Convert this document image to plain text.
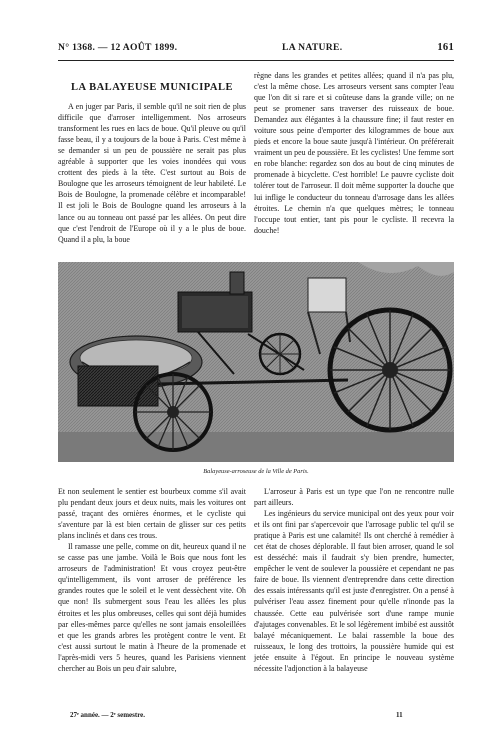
N° 1368. — 12 AOÛT 1899.	LA NATURE.	161
LA BALAYEUSE MUNICIPALE

A en juger par Paris, il semble qu'il ne soit rien de plus difficile que d'arroser intelligemment. Nos arroseurs transforment les rues en lacs de boue. Qu'il pleuve ou qu'il fasse beau, il y a toujours de la boue à Paris. C'est même à se demander si un peu de poussière ne serait pas plus agréable à supporter que les voies inondées qui vous crottent des pieds à la tête. C'est surtout au Bois de Boulogne que les arroseurs témoignent de leur habileté. Le Bois de Boulogne, la promenade célèbre et incomparable! Il est joli le Bois de Boulogne quand les arroseurs à la lance ou au tonneau ont passé par les allées. On peut dire que c'est l'endroit de l'Europe où il y a le plus de boue. Quand il a plu, la boue

règne dans les grandes et petites allées; quand il n'a pas plu, c'est la même chose. Les arroseurs versent sans compter l'eau que l'on dit si rare et si coûteuse dans la grande ville; on ne peut se promener sans traverser des ruisseaux de boue. Demandez aux élégantes à la chaussure fine; il faut rester en voiture sous peine d'emporter des kilogrammes de boue aux pieds et encore la boue saute jusqu'à l'intérieur. On préférerait vraiment un peu de poussière. Et les cyclistes! Une femme sort en robe blanche: regardez son dos au bout de cinq minutes de promenade à bicyclette. C'est horrible! Le pauvre cycliste doit tolérer tout de l'arroseur. Il doit même supporter la douche que lui inflige le conducteur du tonneau d'arrosage dans les allées étroites. Le chemin n'a que quelques mètres; le tonneau l'occupe tout entier, tant pis pour le cycliste. Il recevra la douche!

Balayeuse-arroseuse de la Ville de Paris.

Et non seulement le sentier est bourbeux comme s'il avait plu pendant deux jours et deux nuits, mais les voitures ont passé, traçant des ornières énormes, et le cycliste qui s'aventure par là est bien certain de glisser sur ces petits plans inclinés et dans ces trous.

Il ramasse une pelle, comme on dit, heureux quand il ne se casse pas une jambe. Voilà le Bois que nous font les arroseurs de l'administration! Et vous croyez peut-être qu'intelligemment, ils vont arroser de préférence les grandes routes que le soleil et le vent dessèchent vite. Oh que non! Ils submergent sous l'eau les allées les plus étroites et les plus ombreuses, celles qui sont déjà humides par elles-mêmes parce qu'elles ne sont jamais ensoleillées et que les grands arbres les protègent contre le vent. Et c'est aussi surtout le matin à l'heure de la promenade et l'après-midi vers 5 heures, quand les Parisiens viennent chercher au Bois un peu d'air salubre,

L'arroseur à Paris est un type que l'on ne rencontre nulle part ailleurs.

Les ingénieurs du service municipal ont des yeux pour voir et ils ont fini par s'apercevoir que l'arrosage public tel qu'il se pratique à Paris est une calamité! Ils ont cherché à remédier à cet état de choses déplorable. Il faut bien arroser, quand le sol est desséché: mais il faudrait s'y bien prendre, humecter, empêcher le vent de soulever la poussière et cependant ne pas faire de boue. Ils viennent d'entreprendre dans cette direction des essais intéressants qu'il est juste d'enregistrer. On a pensé à pulvériser l'eau assez finement pour qu'elle n'inonde pas la chaussée. Cette eau pulvérisée sort d'une rampe munie d'ajutages convenables. Et le sol légèrement imbibé est aussitôt balayé mécaniquement. Le balai rassemble la boue des ruisseaux, le long des trottoirs, la poussière humide qui est jetée ensuite à l'égout. En principe le nouveau système nécessite l'adjonction à la balayeuse

27ᵉ année. — 2ᵉ semestre.	11
